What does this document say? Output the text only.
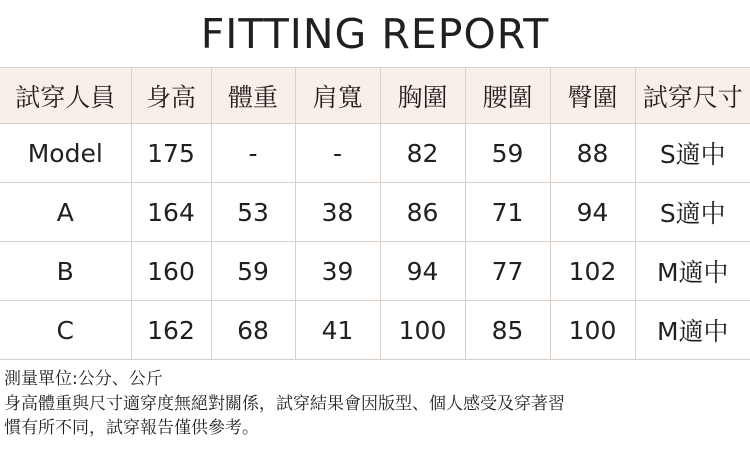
FITTING REPORT
試穿人員	身高	體重	肩寬	胸圍	腰圍	臀圍	試穿尺寸
Model	175	-	-	82	59	88	S適中
A	164	53	38	86	71	94	S適中
B	160	59	39	94	77	102	M適中
C	162	68	41	100	85	100	M適中
測量單位:公分、公斤
身高體重與尺寸適穿度無絕對關係，試穿結果會因版型、個人感受及穿著習
慣有所不同，試穿報告僅供參考。
